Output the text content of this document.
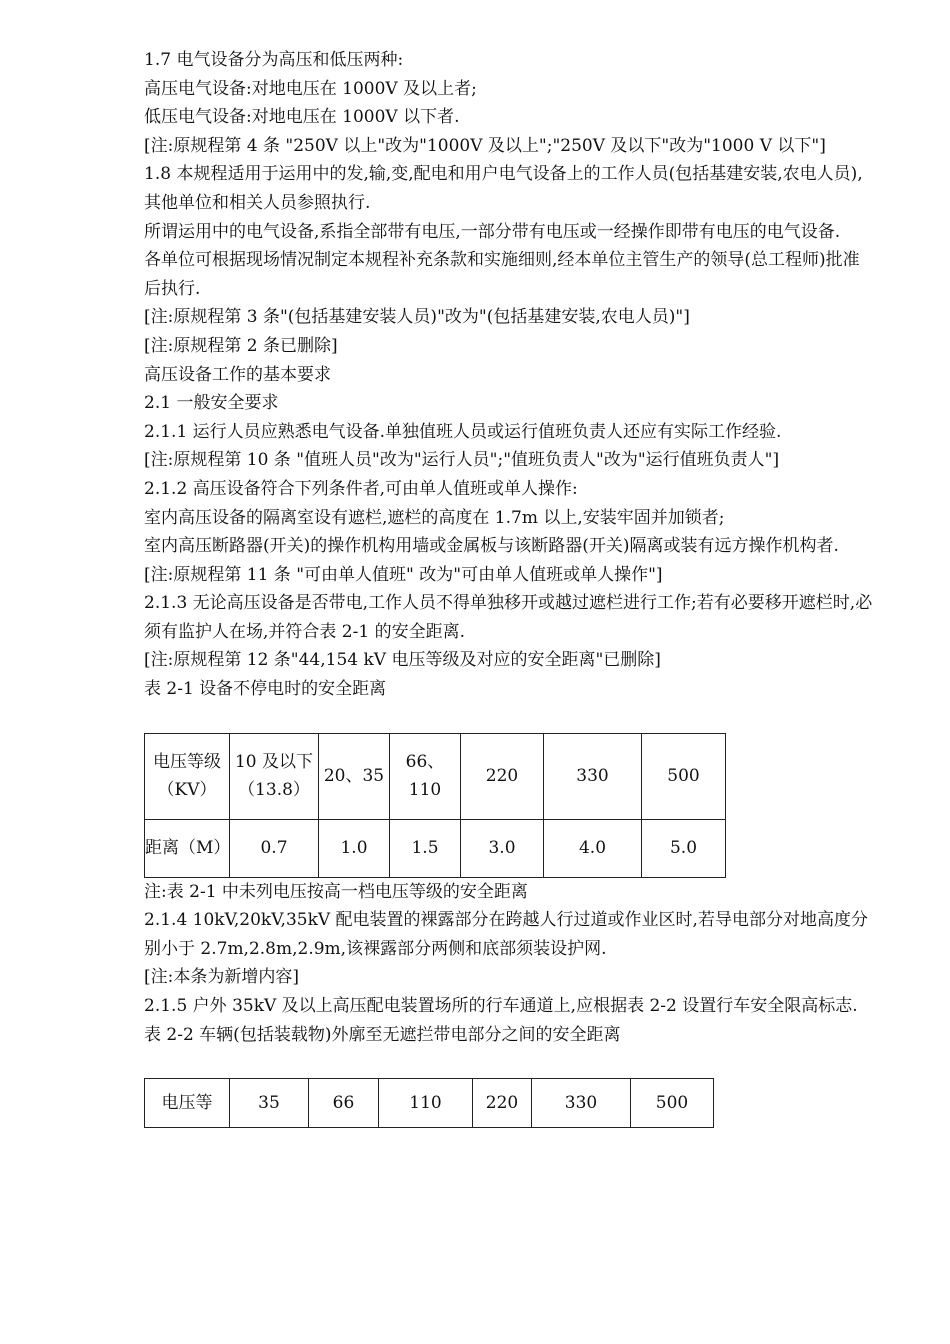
1.7 电气设备分为高压和低压两种:

高压电气设备:对地电压在 1000V 及以上者;

低压电气设备:对地电压在 1000V 以下者.

[注:原规程第 4 条 "250V 以上"改为"1000V 及以上";"250V 及以下"改为"1000 V 以下"]

1.8 本规程适用于运用中的发,输,变,配电和用户电气设备上的工作人员(包括基建安装,农电人员),其他单位和相关人员参照执行.

所谓运用中的电气设备,系指全部带有电压,一部分带有电压或一经操作即带有电压的电气设备.

各单位可根据现场情况制定本规程补充条款和实施细则,经本单位主管生产的领导(总工程师)批准后执行.

[注:原规程第 3 条"(包括基建安装人员)"改为"(包括基建安装,农电人员)"]

[注:原规程第 2 条已删除]

高压设备工作的基本要求

2.1 一般安全要求

2.1.1 运行人员应熟悉电气设备.单独值班人员或运行值班负责人还应有实际工作经验.

[注:原规程第 10 条 "值班人员"改为"运行人员";"值班负责人"改为"运行值班负责人"]

2.1.2 高压设备符合下列条件者,可由单人值班或单人操作:

室内高压设备的隔离室设有遮栏,遮栏的高度在 1.7m 以上,安装牢固并加锁者;

室内高压断路器(开关)的操作机构用墙或金属板与该断路器(开关)隔离或装有远方操作机构者.

[注:原规程第 11 条 "可由单人值班" 改为"可由单人值班或单人操作"]

2.1.3 无论高压设备是否带电,工作人员不得单独移开或越过遮栏进行工作;若有必要移开遮栏时,必须有监护人在场,并符合表 2-1 的安全距离.

[注:原规程第 12 条"44,154 kV 电压等级及对应的安全距离"已删除]

表 2-1 设备不停电时的安全距离

电压等级（KV）	10 及以下（13.8）	20、35	66、110	220	330	500
距离（M）	0.7	1.0	1.5	3.0	4.0	5.0

注:表 2-1 中未列电压按高一档电压等级的安全距离

2.1.4 10kV,20kV,35kV 配电装置的裸露部分在跨越人行过道或作业区时,若导电部分对地高度分别小于 2.7m,2.8m,2.9m,该裸露部分两侧和底部须装设护网.

[注:本条为新增内容]

2.1.5 户外 35kV 及以上高压配电装置场所的行车通道上,应根据表 2-2 设置行车安全限高标志.

表 2-2 车辆(包括装载物)外廓至无遮拦带电部分之间的安全距离

电压等	35	66	110	220	330	500
